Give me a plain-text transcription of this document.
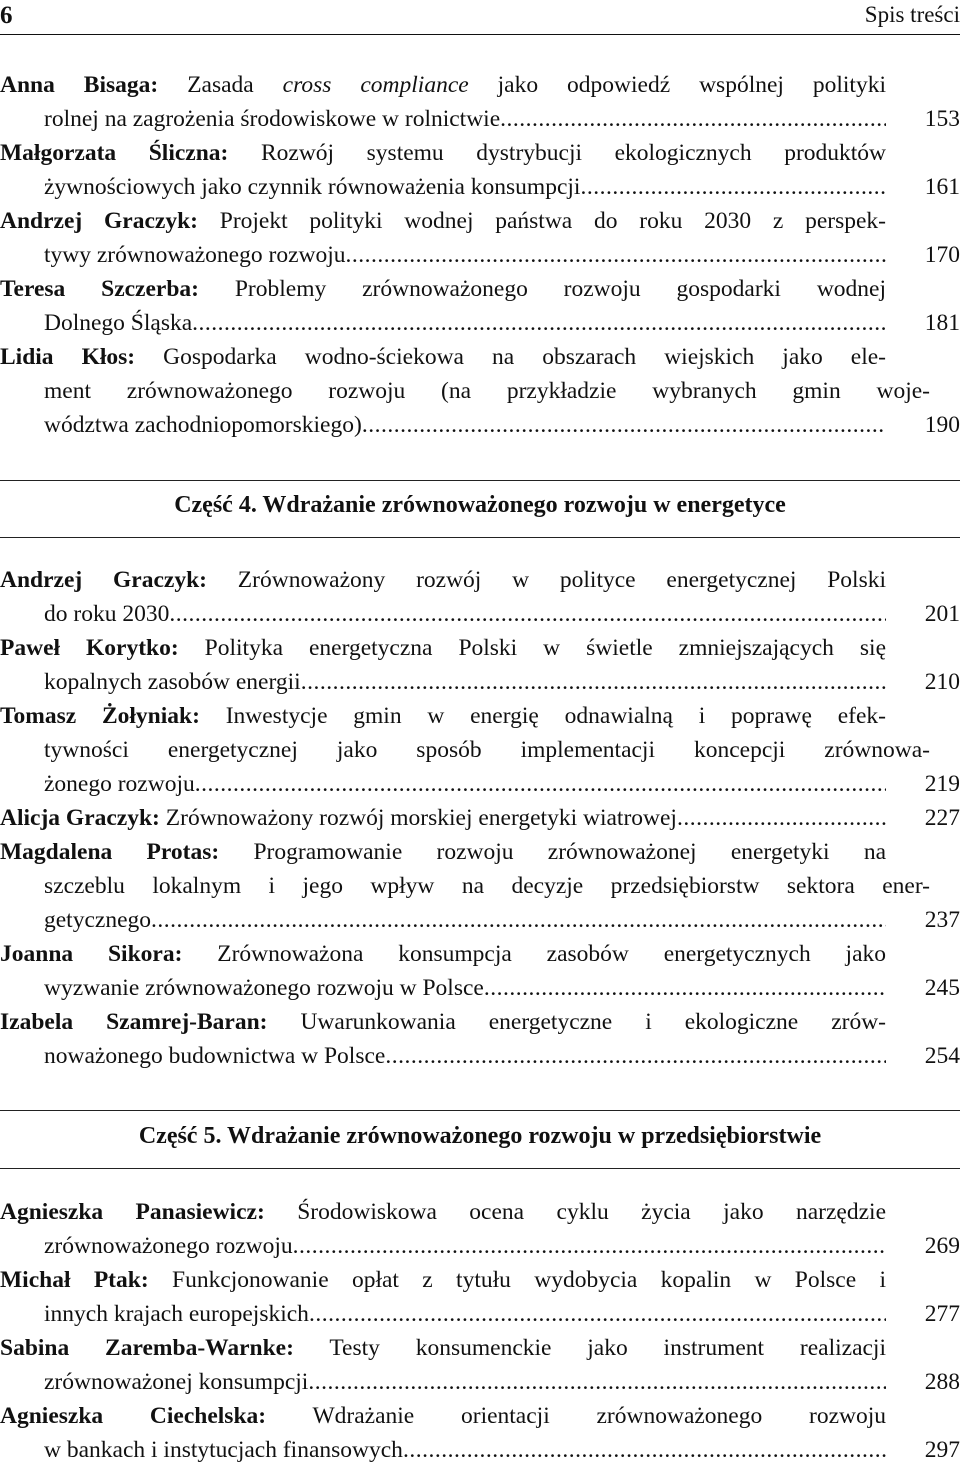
6	Spis treści
Anna Bisaga: Zasada cross compliance jako odpowiedź wspólnej polityki
rolnej na zagrożenia środowiskowe w rolnictwie .....	153
Małgorzata Śliczna: Rozwój systemu dystrybucji ekologicznych produktów
żywnościowych jako czynnik równoważenia konsumpcji .....	161
Andrzej Graczyk: Projekt polityki wodnej państwa do roku 2030 z perspek-
tywy zrównoważonego rozwoju .....	170
Teresa Szczerba: Problemy zrównoważonego rozwoju gospodarki wodnej
Dolnego Śląska .....	181
Lidia Kłos: Gospodarka wodno-ściekowa na obszarach wiejskich jako ele-
ment zrównoważonego rozwoju (na przykładzie wybranych gmin woje-
wództwa zachodniopomorskiego) .....	190
Część 4. Wdrażanie zrównoważonego rozwoju w energetyce
Andrzej Graczyk: Zrównoważony rozwój w polityce energetycznej Polski
do roku 2030 .....	201
Paweł Korytko: Polityka energetyczna Polski w świetle zmniejszających się
kopalnych zasobów energii .....	210
Tomasz Żołyniak: Inwestycje gmin w energię odnawialną i poprawę efek-
tywności energetycznej jako sposób implementacji koncepcji zrównowa-
żonego rozwoju .....	219
Alicja Graczyk: Zrównoważony rozwój morskiej energetyki wiatrowej .....	227
Magdalena Protas: Programowanie rozwoju zrównoważonej energetyki na
szczeblu lokalnym i jego wpływ na decyzje przedsiębiorstw sektora ener-
getycznego .....	237
Joanna Sikora: Zrównoważona konsumpcja zasobów energetycznych jako
wyzwanie zrównoważonego rozwoju w Polsce .....	245
Izabela Szamrej-Baran: Uwarunkowania energetyczne i ekologiczne zrów-
noważonego budownictwa w Polsce .....	254
Część 5. Wdrażanie zrównoważonego rozwoju w przedsiębiorstwie
Agnieszka Panasiewicz: Środowiskowa ocena cyklu życia jako narzędzie
zrównoważonego rozwoju .....	269
Michał Ptak: Funkcjonowanie opłat z tytułu wydobycia kopalin w Polsce i
innych krajach europejskich .....	277
Sabina Zaremba-Warnke: Testy konsumenckie jako instrument realizacji
zrównoważonej konsumpcji .....	288
Agnieszka Ciechelska: Wdrażanie orientacji zrównoważonego rozwoju
w bankach i instytucjach finansowych .....	297
